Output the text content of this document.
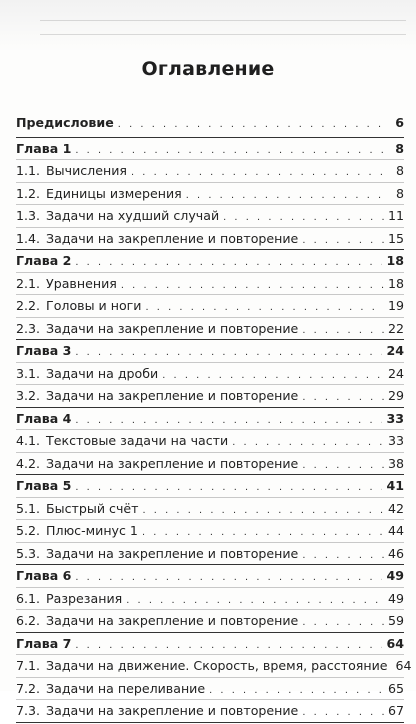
Оглавление
Предисловие . . .	6
Глава 1 . . .	8
1.1. Вычисления . . .	8
1.2. Единицы измерения . . .	8
1.3. Задачи на худший случай . . .	11
1.4. Задачи на закрепление и повторение . . .	15
Глава 2 . . .	18
2.1. Уравнения . . .	18
2.2. Головы и ноги . . .	19
2.3. Задачи на закрепление и повторение . . .	22
Глава 3 . . .	24
3.1. Задачи на дроби . . .	24
3.2. Задачи на закрепление и повторение . . .	29
Глава 4 . . .	33
4.1. Текстовые задачи на части . . .	33
4.2. Задачи на закрепление и повторение . . .	38
Глава 5 . . .	41
5.1. Быстрый счёт . . .	42
5.2. Плюс-минус 1 . . .	44
5.3. Задачи на закрепление и повторение . . .	46
Глава 6 . . .	49
6.1. Разрезания . . .	49
6.2. Задачи на закрепление и повторение . . .	59
Глава 7 . . .	64
7.1. Задачи на движение. Скорость, время, расстояние 64
7.2. Задачи на переливание . . .	65
7.3. Задачи на закрепление и повторение . . .	67
